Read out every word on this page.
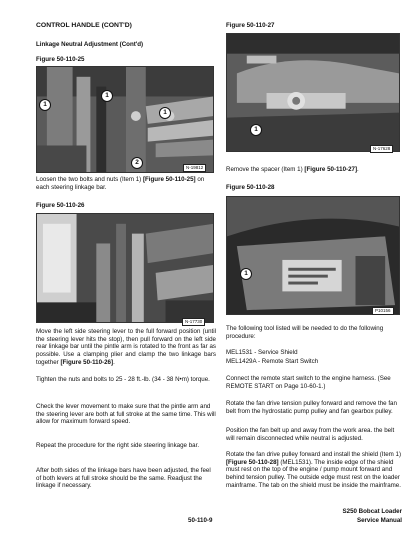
CONTROL HANDLE (CONT'D)
Linkage Neutral Adjustment (Cont'd)
Figure 50-110-25
1
1
1
2
N-19812

Loosen the two bolts and nuts (Item 1) [Figure 50-110-25] on each steering linkage bar.

Figure 50-110-26
N-17730

Move the left side steering lever to the full forward position (until the steering lever hits the stop), then pull forward on the left side rear linkage bar until the pintle arm is rotated to the front as far as possible. Use a clamping plier and clamp the two linkage bars together [Figure 50-110-26].

Tighten the nuts and bolts to 25 - 28 ft.-lb. (34 - 38 N•m) torque.

Check the lever movement to make sure that the pintle arm and the steering lever are both at full stroke at the same time. This will allow for maximum forward speed.

Repeat the procedure for the right side steering linkage bar.

After both sides of the linkage bars have been adjusted, the feel of both levers at full stroke should be the same. Readjust the linkage if necessary.

Figure 50-110-27
1
N-17628

Remove the spacer (Item 1) [Figure 50-110-27].

Figure 50-110-28
1
P10156

The following tool listed will be needed to do the following procedure:

MEL1531 - Service Shield
MEL1429A - Remote Start Switch

Connect the remote start switch to the engine harness. (See REMOTE START on Page 10-60-1.)

Rotate the fan drive tension pulley forward and remove the fan belt from the hydrostatic pump pulley and fan gearbox pulley.

Position the fan belt up and away from the work area. the belt will remain disconnected while neutral is adjusted.

Rotate the fan drive pulley forward and install the shield (Item 1) [Figure 50-110-28] (MEL1531). The inside edge of the shield must rest on the top of the engine / pump mount forward and behind tension pulley. The outside edge must rest on the loader mainframe. The tab on the shield must be inside the mainframe.

S250 Bobcat Loader
50-110-9	Service Manual
